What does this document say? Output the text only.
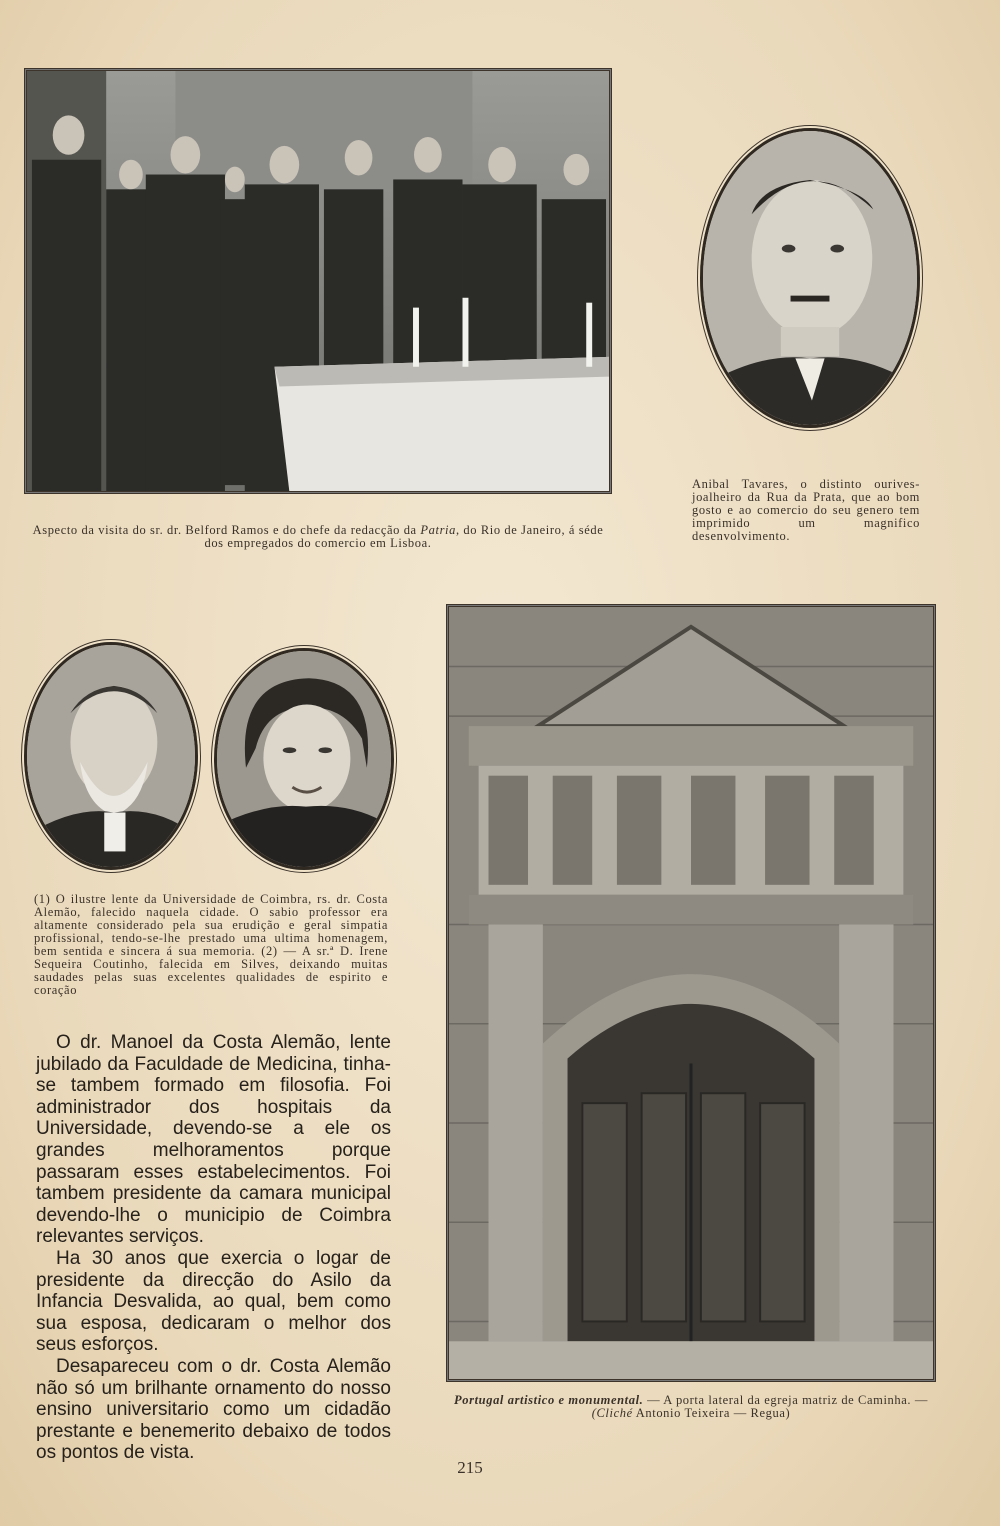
Aspecto da visita do sr. dr. Belford Ramos e do chefe da redacção da Patria, do Rio de Janeiro, á séde dos empregados do comercio em Lisboa.
Anibal Tavares, o distinto ourives-joalheiro da Rua da Prata, que ao bom gosto e ao comercio do seu genero tem imprimido um magnifico desenvolvimento.
(1) O ilustre lente da Universidade de Coimbra, rs. dr. Costa Alemão, falecido naquela cidade. O sabio professor era altamente considerado pela sua erudição e geral simpatia profissional, tendo-se-lhe prestado uma ultima homenagem, bem sentida e sincera á sua memoria. (2) — A sr.ª D. Irene Sequeira Coutinho, falecida em Silves, deixando muitas saudades pelas suas excelentes qualidades de espirito e coração

O dr. Manoel da Costa Alemão, lente jubilado da Faculdade de Medicina, tinha-se tambem formado em filosofia. Foi administrador dos hospitais da Universidade, devendo-se a ele os grandes melhoramentos porque passaram esses estabelecimentos. Foi tambem presidente da camara municipal devendo-lhe o municipio de Coimbra relevantes serviços.

Ha 30 anos que exercia o logar de presidente da direcção do Asilo da Infancia Desvalida, ao qual, bem como sua esposa, dedicaram o melhor dos seus esforços.

Desapareceu com o dr. Costa Alemão não só um brilhante ornamento do nosso ensino universitario como um cidadão prestante e benemerito debaixo de todos os pontos de vista.

Portugal artistico e monumental. — A porta lateral da egreja matriz de Caminha. — (Cliché Antonio Teixeira — Regua)
215
